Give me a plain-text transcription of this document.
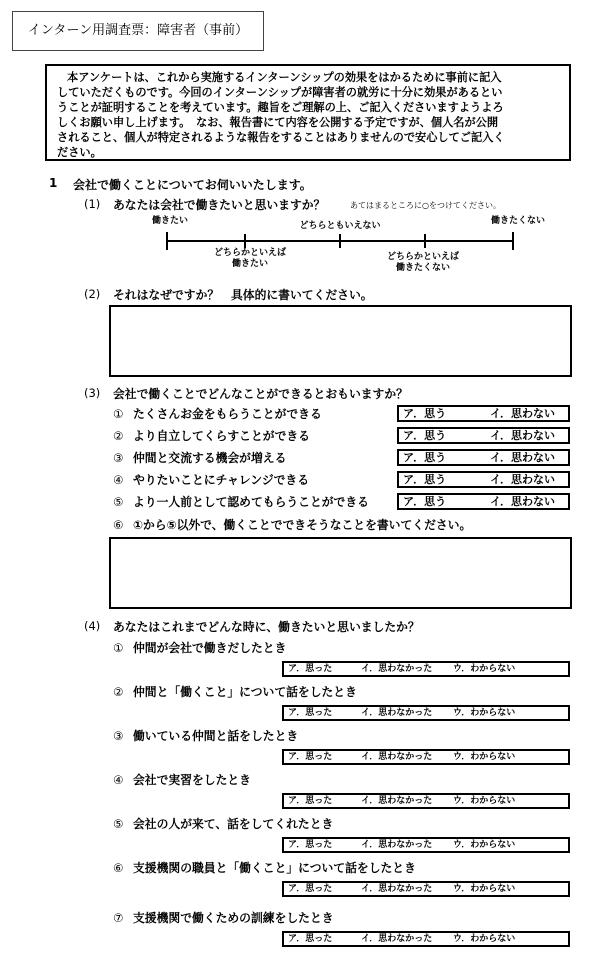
インターン用調査票：障害者（事前）
本アンケートは、これから実施するインターンシップの効果をはかるために事前に記入
していただくものです。今回のインターンシップが障害者の就労に十分に効果があるとい
うことが証明することを考えています。趣旨をご理解の上、ご記入くださいますようよろ
しくお願い申し上げます。　なお、報告書にて内容を公開する予定ですが、個人名が公開
されること、個人が特定されるような報告をすることはありませんので安心してご記入く
ださい。
1 会社で働くことについてお伺いいたします。
(1) あなたは会社で働きたいと思いますか？	あてはまるところに○をつけてください。
働きたい	どちらともいえない	働きたくない
どちらかといえば
働きたい
どちらかといえば
働きたくない
(2) それはなぜですか？　具体的に書いてください。
(3) 会社で働くことでどんなことができるとおもいますか？
① たくさんお金をもらうことができる	ア．思う	イ．思わない
② より自立してくらすことができる	ア．思う	イ．思わない
③ 仲間と交流する機会が増える	ア．思う	イ．思わない
④ やりたいことにチャレンジできる	ア．思う	イ．思わない
⑤ より一人前として認めてもらうことができる	ア．思う	イ．思わない
⑥ ①から⑤以外で、働くことでできそうなことを書いてください。
(4) あなたはこれまでどんな時に、働きたいと思いましたか？
① 仲間が会社で働きだしたとき
ア．思った	イ．思わなかった ウ．わからない
② 仲間と「働くこと」について話をしたとき
ア．思った	イ．思わなかった ウ．わからない
③ 働いている仲間と話をしたとき
ア．思った	イ．思わなかった ウ．わからない
④ 会社で実習をしたとき
ア．思った	イ．思わなかった ウ．わからない
⑤ 会社の人が来て、話をしてくれたとき
ア．思った	イ．思わなかった ウ．わからない
⑥ 支援機関の職員と「働くこと」について話をしたとき
ア．思った	イ．思わなかった ウ．わからない
⑦ 支援機関で働くための訓練をしたとき
ア．思った	イ．思わなかった ウ．わからない
